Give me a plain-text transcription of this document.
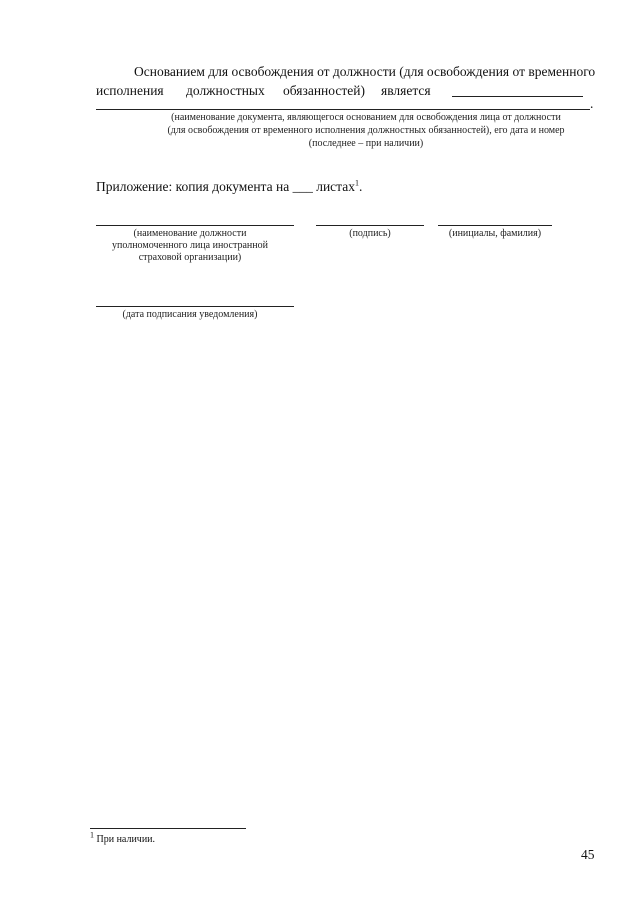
Основанием для освобождения от должности (для освобождения от временного
исполнения должностных обязанностей) является
.
(наименование документа, являющегося основанием для освобождения лица от должности
(для освобождения от временного исполнения должностных обязанностей), его дата и номер
(последнее – при наличии)
Приложение: копия документа на ___ листах$^1$.
(наименование должности
уполномоченного лица иностранной
страховой организации)
(подпись)	(инициалы, фамилия)
(дата подписания уведомления)
$^1$ При наличии.
45
